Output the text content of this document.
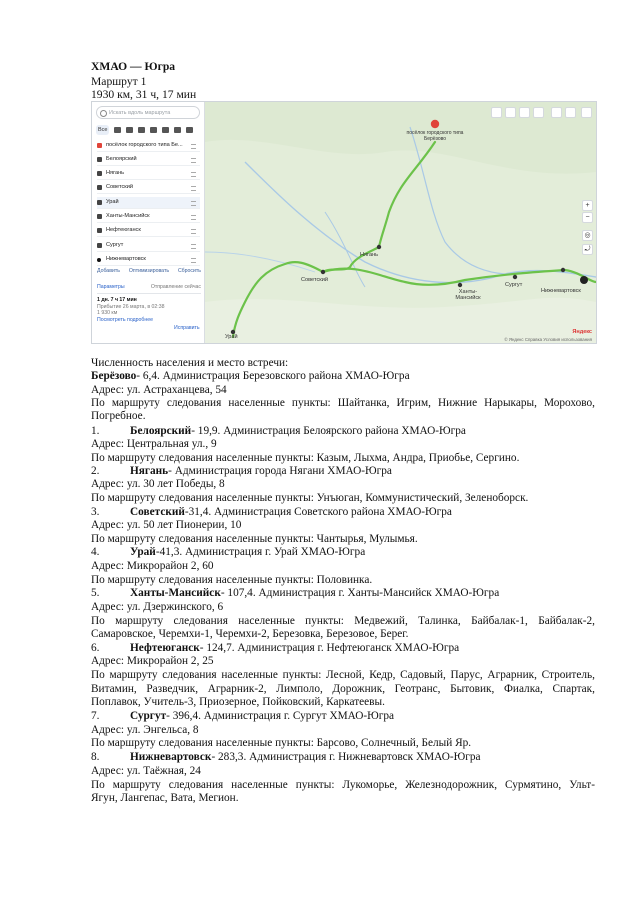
ХМАО — Югра
Маршрут 1
1930 км, 31 ч, 17 мин
Искать вдоль маршрута
Все
посёлок городского типа Бе...
Белоярский
Нягань
Советский
Урай
Ханты-Мансийск
Нефтеюганск
Сургут
Нижневартовск
Добавить Оптимизировать Сбросить
Параметры	Отправление сейчас
1 дн. 7 ч 17 мин
Прибытие 26 марта, в 02:38
1 930 км
Посмотреть подробнее
Исправить
посёлок городского типа Берёзово
Нягань
Советский
Урай
Ханты-Мансийск
Сургут
Нижневартовск
+
−
◎
⤾
Яндекс
© Яндекс Справка Условия использования
Численность населения и место встречи:
Берёзово- 6,4. Администрация Березовского района ХМАО-Югра
Адрес: ул. Астраханцева, 54
По маршруту следования населенные пункты: Шайтанка, Игрим, Нижние Нарыкары, Морохово,
Погребное.
1.	Белоярский- 19,9. Администрация Белоярского района ХМАО-Югра
Адрес: Центральная ул., 9
По маршруту следования населенные пункты: Казым, Лыхма, Андра, Приобье, Сергино.
2.	Нягань- Администрация города Нягани ХМАО-Югра
Адрес: ул. 30 лет Победы, 8
По маршруту следования населенные пункты: Унъюган, Коммунистический, Зеленоборск.
3.	Советский-31,4. Администрация Советского района ХМАО-Югра
Адрес: ул. 50 лет Пионерии, 10
По маршруту следования населенные пункты: Чантырья, Мулымья.
4.	Урай-41,3. Администрация г. Урай ХМАО-Югра
Адрес: Микрорайон 2, 60
По маршруту следования населенные пункты: Половинка.
5.	Ханты-Мансийск- 107,4. Администрация г. Ханты-Мансийск ХМАО-Югра
Адрес: ул. Дзержинского, 6
По маршруту следования населенные пункты: Медвежий, Талинка, Байбалак-1, Байбалак-2,
Самаровское, Черемхи-1, Черемхи-2, Березовка, Березовое, Берег.
6.	Нефтеюганск- 124,7. Администрация г. Нефтеюганск ХМАО-Югра
Адрес: Микрорайон 2, 25
По маршруту следования населенные пункты: Лесной, Кедр, Садовый, Парус, Аграрник, Строитель,
Витамин, Разведчик, Аграрник-2, Лимполо, Дорожник, Геотранс, Бытовик, Фиалка, Спартак,
Поплавок, Учитель-3, Приозерное, Пойковский, Каркатеевы.
7.	Сургут- 396,4. Администрация г. Сургут ХМАО-Югра
Адрес: ул. Энгельса, 8
По маршруту следования населенные пункты: Барсово, Солнечный, Белый Яр.
8.	Нижневартовск- 283,3. Администрация г. Нижневартовск ХМАО-Югра
Адрес: ул. Таёжная, 24
По маршруту следования населенные пункты: Лукоморье, Железнодорожник, Сурмятино, Ульт-
Ягун, Лангепас, Вата, Мегион.
